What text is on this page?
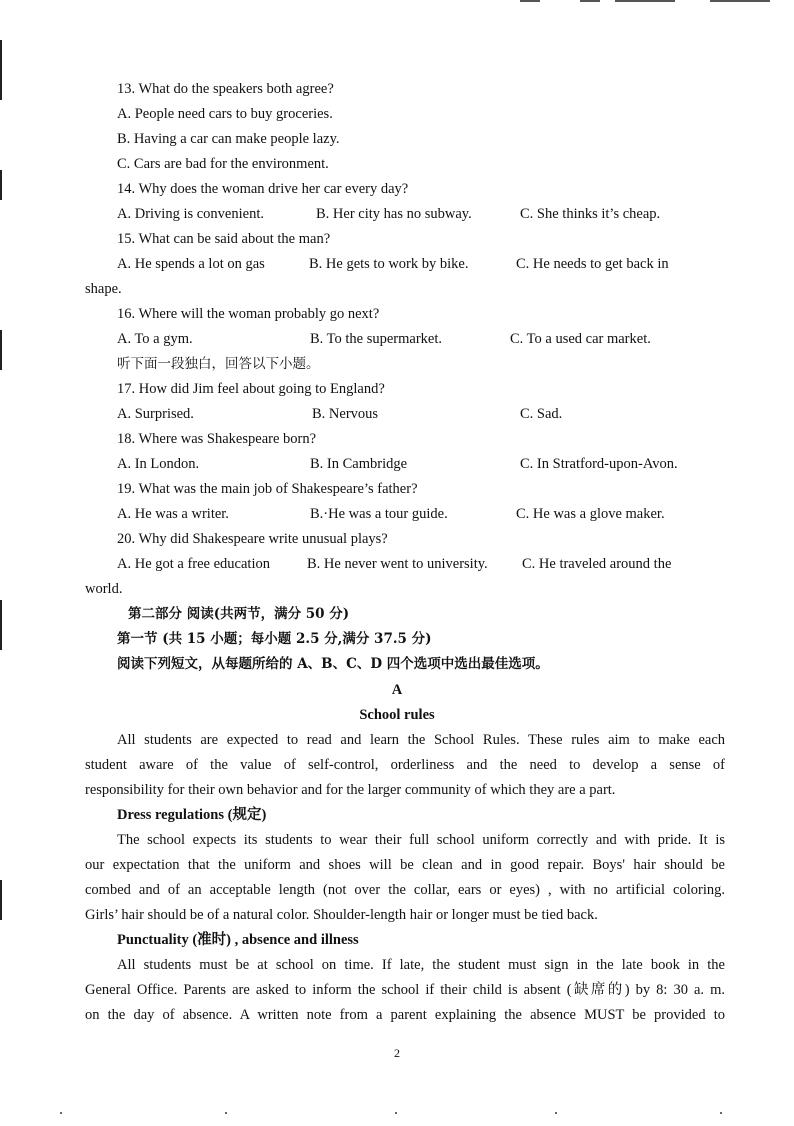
13. What do the speakers both agree?
A. People need cars to buy groceries.
B. Having a car can make people lazy.
C. Cars are bad for the environment.
14. Why does the woman drive her car every day?
A. Driving is convenient.	B. Her city has no subway.	C. She thinks it’s cheap.
15. What can be said about the man?
A. He spends a lot on gas	B. He gets to work by bike.	C. He needs to get back in
shape.
16. Where will the woman probably go next?
A. To a gym.	B. To the supermarket.	C. To a used car market.
听下面一段独白，回答以下小题。
17. How did Jim feel about going to England?
A. Surprised.	B. Nervous	C. Sad.
18. Where was Shakespeare born?
A. In London.	B. In Cambridge	C. In Stratford-upon-Avon.
19. What was the main job of Shakespeare’s father?
A. He was a writer.	B.·He was a tour guide.	C. He was a glove maker.
20. Why did Shakespeare write unusual plays?
A. He got a free education	B. He never went to university. C. He traveled around the
world.
第二部分 阅读(共两节，满分 50 分)
第一节 (共 15 小题；每小题 2.5 分,满分 37.5 分)
阅读下列短文，从每题所给的 A、B、C、D 四个选项中选出最佳选项。
A
School rules
All students are expected to read and learn the School Rules. These rules aim to make each
student aware of the value of self-control, orderliness and the need to develop a sense of
responsibility for their own behavior and for the larger community of which they are a part.
Dress regulations (规定)
The school expects its students to wear their full school uniform correctly and with pride. It is
our expectation that the uniform and shoes will be clean and in good repair. Boys' hair should be
combed and of an acceptable length (not over the collar, ears or eyes) , with no artificial coloring.
Girls’ hair should be of a natural color. Shoulder-length hair or longer must be tied back.
Punctuality (准时) , absence and illness
All students must be at school on time. If late, the student must sign in the late book in the
General Office. Parents are asked to inform the school if their child is absent (缺席的) by 8: 30 a. m.
on the day of absence. A written note from a parent explaining the absence MUST be provided to
2
